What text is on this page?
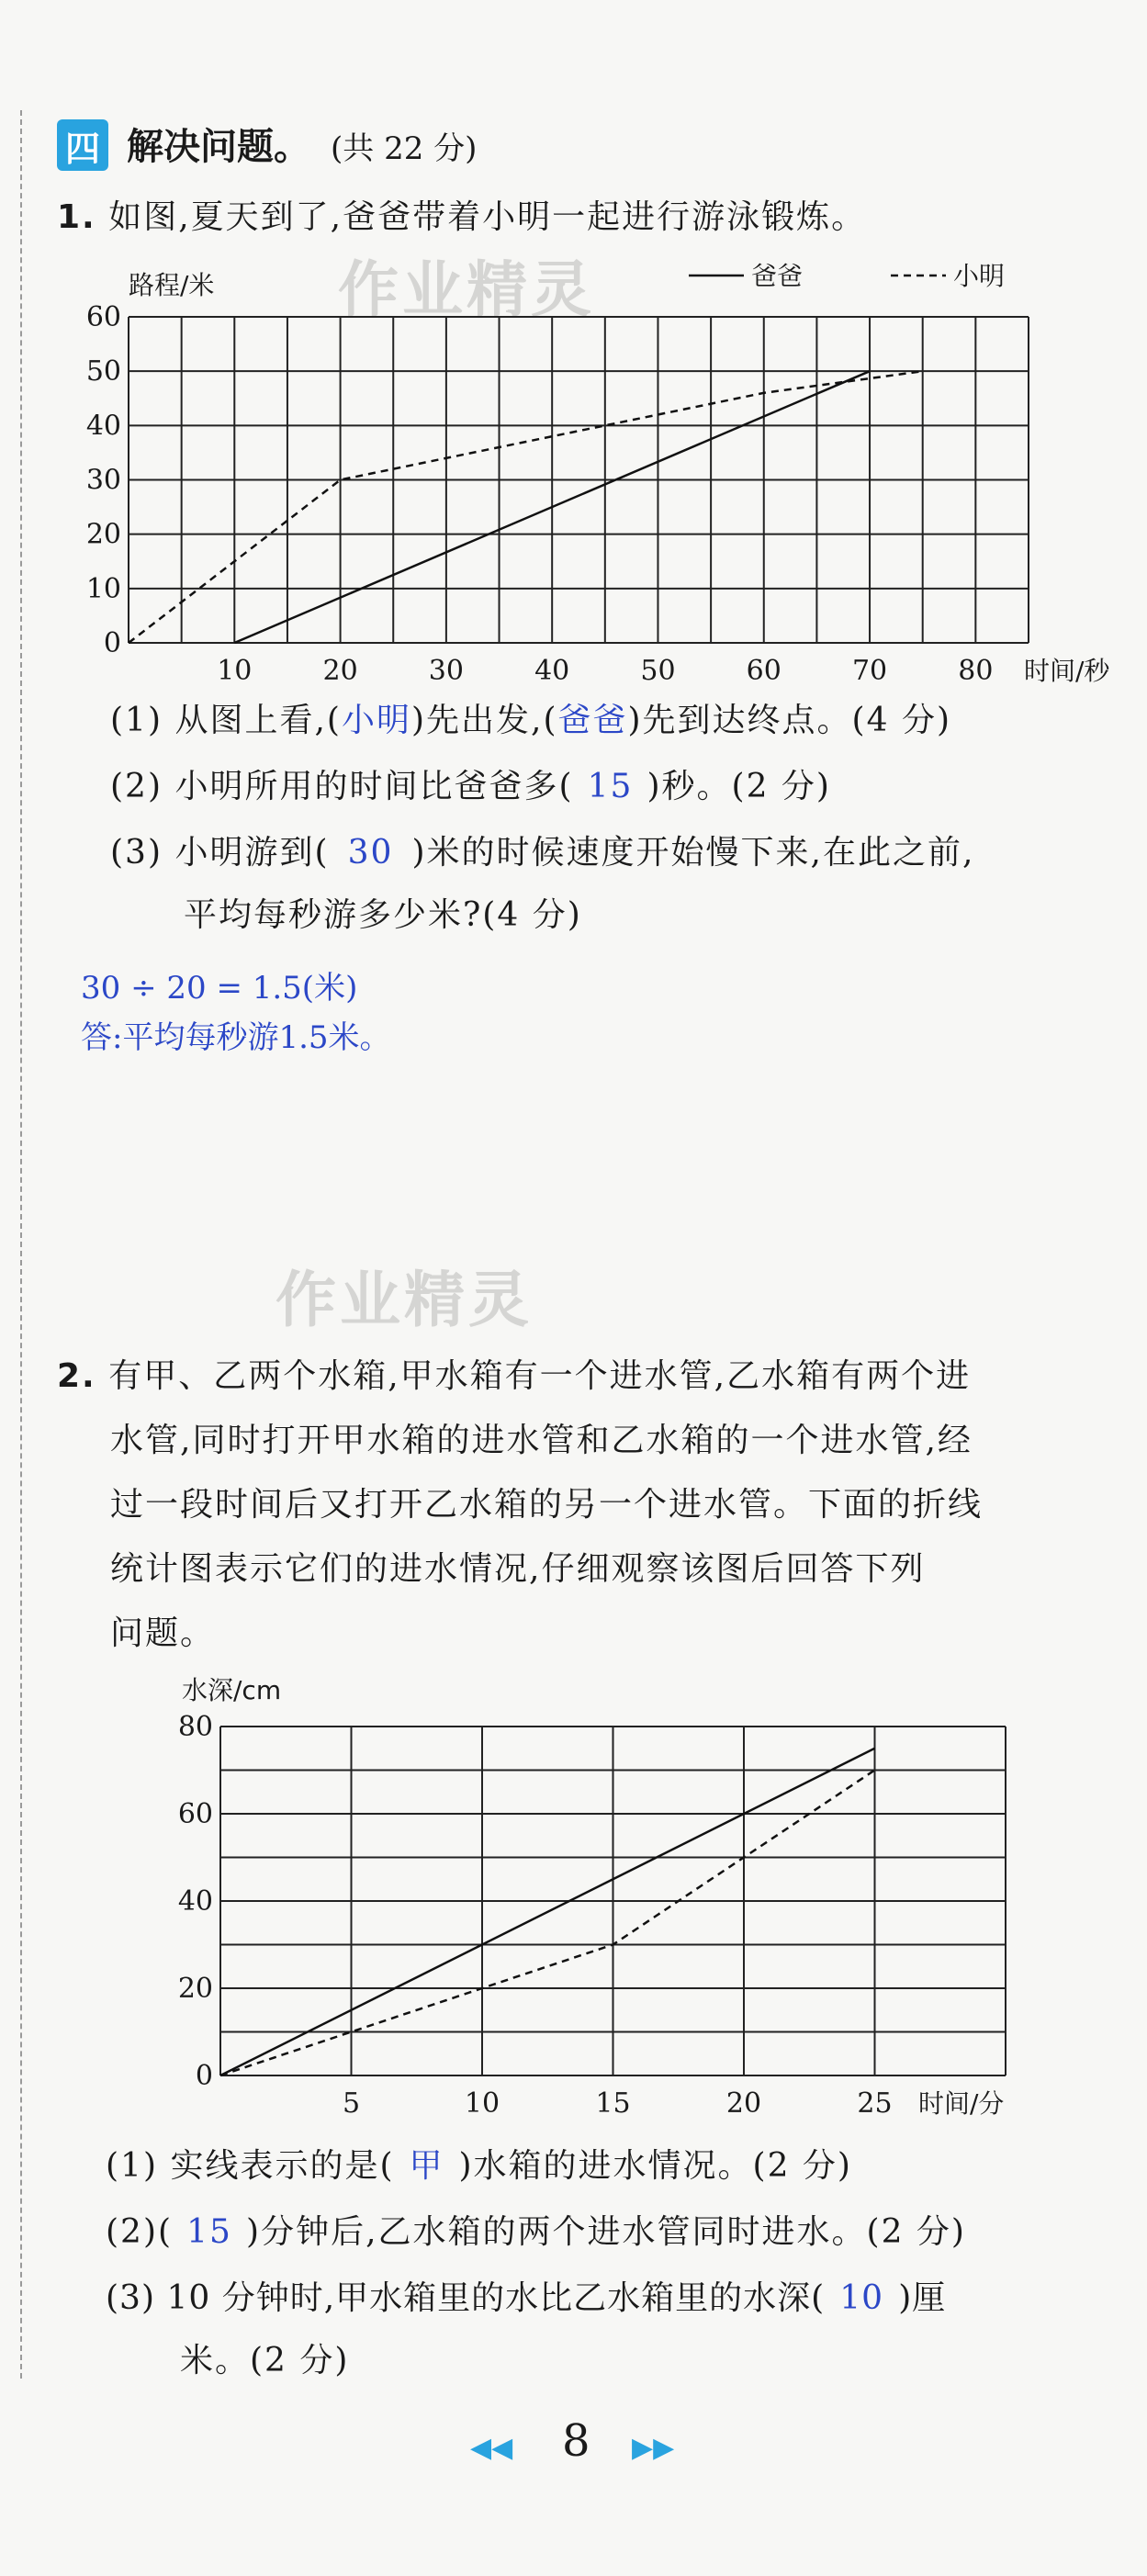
四 解决问题。 (共 22 分)
1. 如图,夏天到了,爸爸带着小明一起进行游泳锻炼。
作业精灵
0
10
20
30
40
50
60
10	20	30	40	50	60	70	80
路程/米
时间/秒
爸爸	小明
(1) 从图上看,(小明)先出发,(爸爸)先到达终点。(4 分)
(2) 小明所用的时间比爸爸多( 15 )秒。(2 分)
(3) 小明游到( 30 )米的时候速度开始慢下来,在此之前,
平均每秒游多少米?(4 分)
30 ÷ 20 = 1.5(米)
答:平均每秒游1.5米。
作业精灵
2. 有甲、乙两个水箱,甲水箱有一个进水管,乙水箱有两个进
水管,同时打开甲水箱的进水管和乙水箱的一个进水管,经
过一段时间后又打开乙水箱的另一个进水管。下面的折线
统计图表示它们的进水情况,仔细观察该图后回答下列
问题。
0
20
40
60
80
5	10	15	20	25
水深/cm
时间/分
(1) 实线表示的是( 甲 )水箱的进水情况。(2 分)
(2)( 15 )分钟后,乙水箱的两个进水管同时进水。(2 分)
(3) 10 分钟时,甲水箱里的水比乙水箱里的水深( 10 )厘
米。(2 分)
◀◀ 8 ▶▶
